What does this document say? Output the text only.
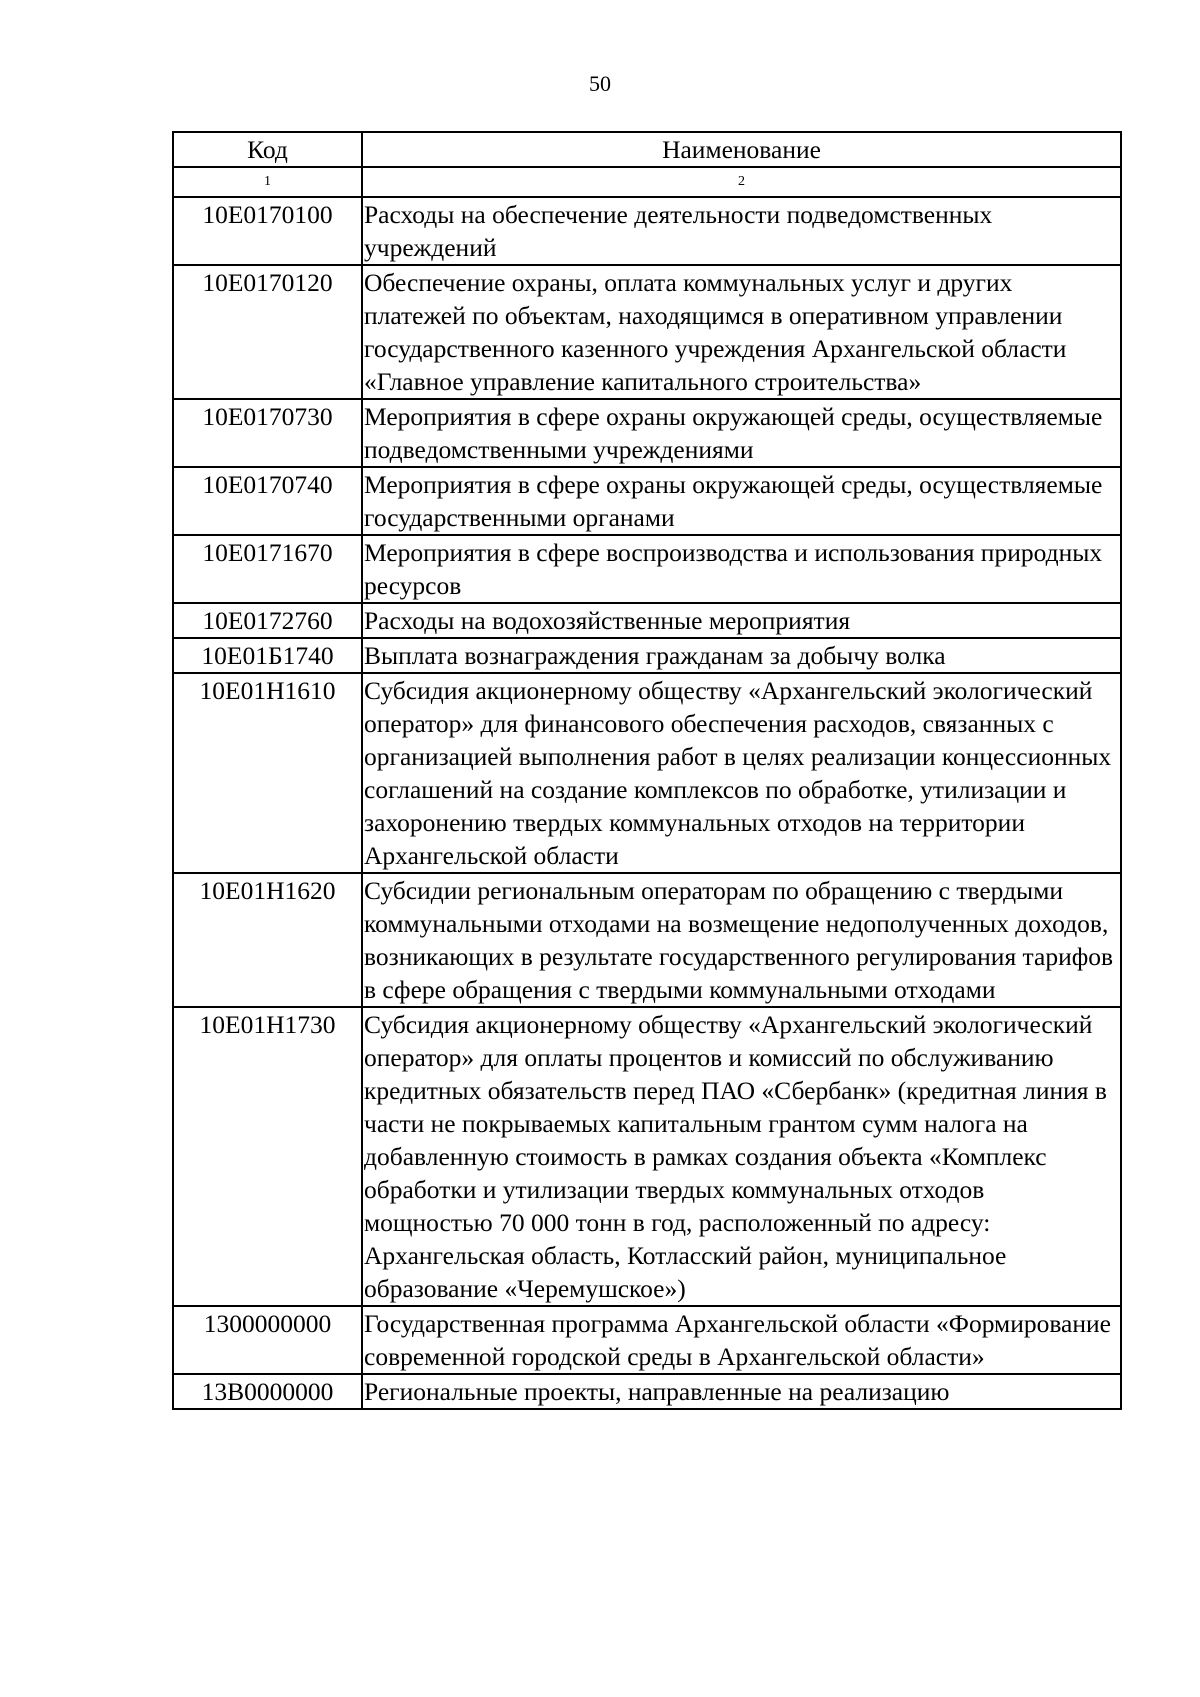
50
Код	Наименование
1	2
10Е0170100	Расходы на обеспечение деятельности подведомственных учреждений
10Е0170120	Обеспечение охраны, оплата коммунальных услуг и других платежей по объектам, находящимся в оперативном управлении государственного казенного учреждения Архангельской области «Главное управление капитального строительства»
10Е0170730	Мероприятия в сфере охраны окружающей среды, осуществляемые подведомственными учреждениями
10Е0170740	Мероприятия в сфере охраны окружающей среды, осуществляемые государственными органами
10Е0171670	Мероприятия в сфере воспроизводства и использования природных ресурсов
10Е0172760	Расходы на водохозяйственные мероприятия
10Е01Б1740	Выплата вознаграждения гражданам за добычу волка
10Е01Н1610	Субсидия акционерному обществу «Архангельский экологический оператор» для финансового обеспечения расходов, связанных с организацией выполнения работ в целях реализации концессионных соглашений на создание комплексов по обработке, утилизации и захоронению твердых коммунальных отходов на территории Архангельской области
10Е01Н1620	Субсидии региональным операторам по обращению с твердыми коммунальными отходами на возмещение недополученных доходов, возникающих в результате государственного регулирования тарифов в сфере обращения с твердыми коммунальными отходами
10Е01Н1730	Субсидия акционерному обществу «Архангельский экологический оператор» для оплаты процентов и комиссий по обслуживанию кредитных обязательств перед ПАО «Сбербанк» (кредитная линия в части не покрываемых капитальным грантом сумм налога на добавленную стоимость в рамках создания объекта «Комплекс обработки и утилизации твердых коммунальных отходов мощностью 70 000 тонн в год, расположенный по адресу: Архангельская область, Котласский район, муниципальное образование «Черемушское»)
1300000000	Государственная программа Архангельской области «Формирование современной городской среды в Архангельской области»
13В0000000	Региональные проекты, направленные на реализацию
